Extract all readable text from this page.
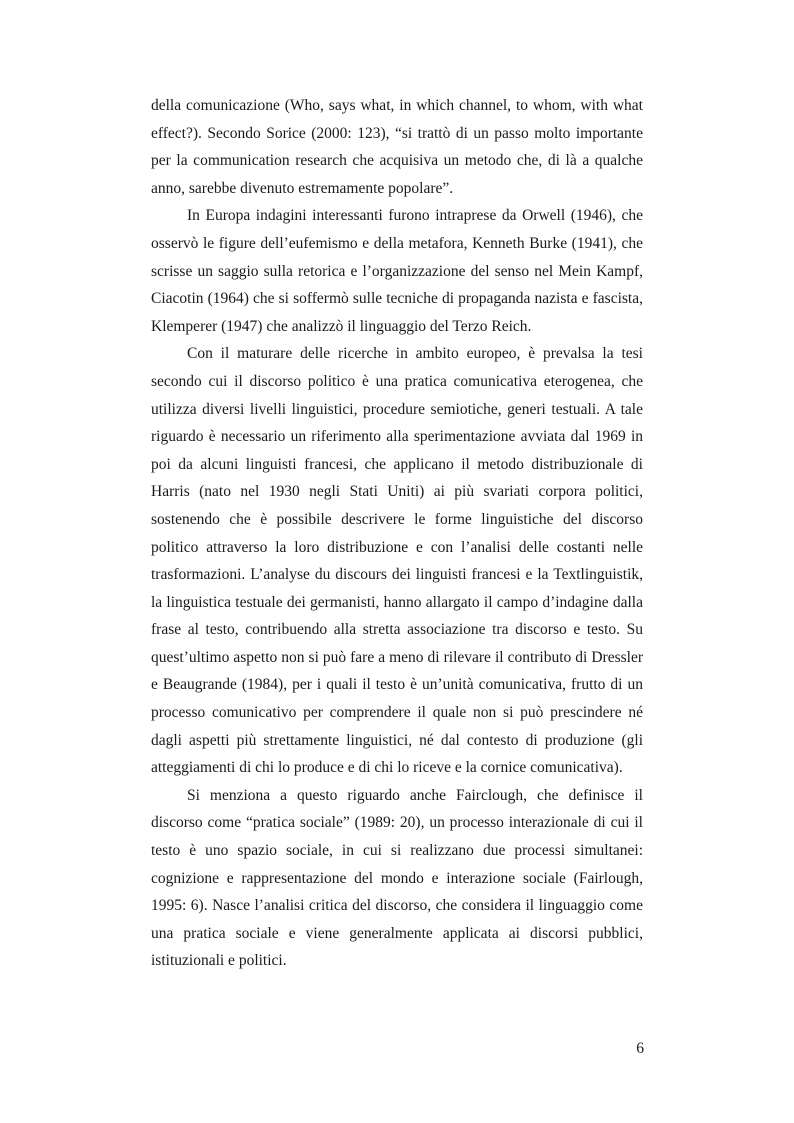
della comunicazione (Who, says what, in which channel, to whom, with what effect?). Secondo Sorice (2000: 123), “si trattò di un passo molto importante per la communication research che acquisiva un metodo che, di là a qualche anno, sarebbe divenuto estremamente popolare”.

In Europa indagini interessanti furono intraprese da Orwell (1946), che osservò le figure dell’eufemismo e della metafora, Kenneth Burke (1941), che scrisse un saggio sulla retorica e l’organizzazione del senso nel Mein Kampf, Ciacotin (1964) che si soffermò sulle tecniche di propaganda nazista e fascista, Klemperer (1947) che analizzò il linguaggio del Terzo Reich.

Con il maturare delle ricerche in ambito europeo, è prevalsa la tesi secondo cui il discorso politico è una pratica comunicativa eterogenea, che utilizza diversi livelli linguistici, procedure semiotiche, generi testuali. A tale riguardo è necessario un riferimento alla sperimentazione avviata dal 1969 in poi da alcuni linguisti francesi, che applicano il metodo distribuzionale di Harris (nato nel 1930 negli Stati Uniti) ai più svariati corpora politici, sostenendo che è possibile descrivere le forme linguistiche del discorso politico attraverso la loro distribuzione e con l’analisi delle costanti nelle trasformazioni. L’analyse du discours dei linguisti francesi e la Textlinguistik, la linguistica testuale dei germanisti, hanno allargato il campo d’indagine dalla frase al testo, contribuendo alla stretta associazione tra discorso e testo. Su quest’ultimo aspetto non si può fare a meno di rilevare il contributo di Dressler e Beaugrande (1984), per i quali il testo è un’unità comunicativa, frutto di un processo comunicativo per comprendere il quale non si può prescindere né dagli aspetti più strettamente linguistici, né dal contesto di produzione (gli atteggiamenti di chi lo produce e di chi lo riceve e la cornice comunicativa).

Si menziona a questo riguardo anche Fairclough, che definisce il discorso come “pratica sociale” (1989: 20), un processo interazionale di cui il testo è uno spazio sociale, in cui si realizzano due processi simultanei: cognizione e rappresentazione del mondo e interazione sociale (Fairlough, 1995: 6). Nasce l’analisi critica del discorso, che considera il linguaggio come una pratica sociale e viene generalmente applicata ai discorsi pubblici, istituzionali e politici.

6
